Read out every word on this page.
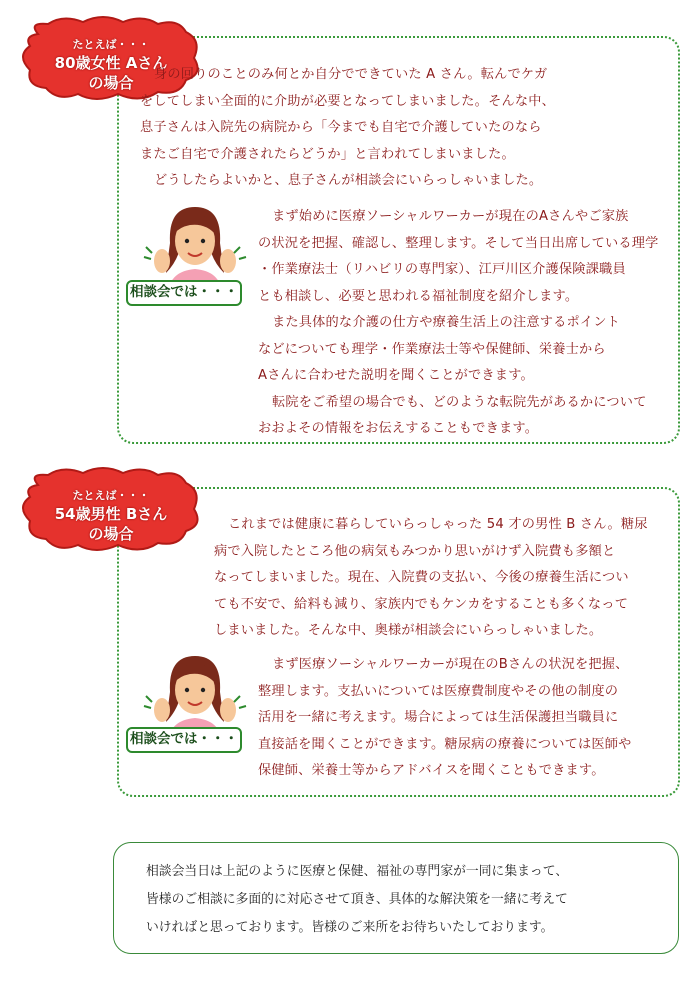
たとえば・・・
80歳女性 Aさん
の場合	身の回りのことのみ何とか自分でできていた A さん。転んでケガ
をしてしまい全面的に介助が必要となってしまいました。そんな中、
息子さんは入院先の病院から「今までも自宅で介護していたのなら
またご自宅で介護されたらどうか」と言われてしまいました。
どうしたらよいかと、息子さんが相談会にいらっしゃいました。
相談会では・・・
まず始めに医療ソーシャルワーカーが現在のAさんやご家族
の状況を把握、確認し、整理します。そして当日出席している理学
・作業療法士（リハビリの専門家）、江戸川区介護保険課職員
とも相談し、必要と思われる福祉制度を紹介します。
また具体的な介護の仕方や療養生活上の注意するポイント
などについても理学・作業療法士等や保健師、栄養士から
Aさんに合わせた説明を聞くことができます。
転院をご希望の場合でも、どのような転院先があるかについて
おおよその情報をお伝えすることもできます。
たとえば・・・
54歳男性 Bさん
の場合
これまでは健康に暮らしていらっしゃった 54 才の男性 B さん。糖尿
病で入院したところ他の病気もみつかり思いがけず入院費も多額と
なってしまいました。現在、入院費の支払い、今後の療養生活につい
ても不安で、給料も減り、家族内でもケンカをすることも多くなって
しまいました。そんな中、奥様が相談会にいらっしゃいました。
相談会では・・・
まず医療ソーシャルワーカーが現在のBさんの状況を把握、
整理します。支払いについては医療費制度やその他の制度の
活用を一緒に考えます。場合によっては生活保護担当職員に
直接話を聞くことができます。糖尿病の療養については医師や
保健師、栄養士等からアドバイスを聞くこともできます。
相談会当日は上記のように医療と保健、福祉の専門家が一同に集まって、
皆様のご相談に多面的に対応させて頂き、具体的な解決策を一緒に考えて
いければと思っております。皆様のご来所をお待ちいたしております。
